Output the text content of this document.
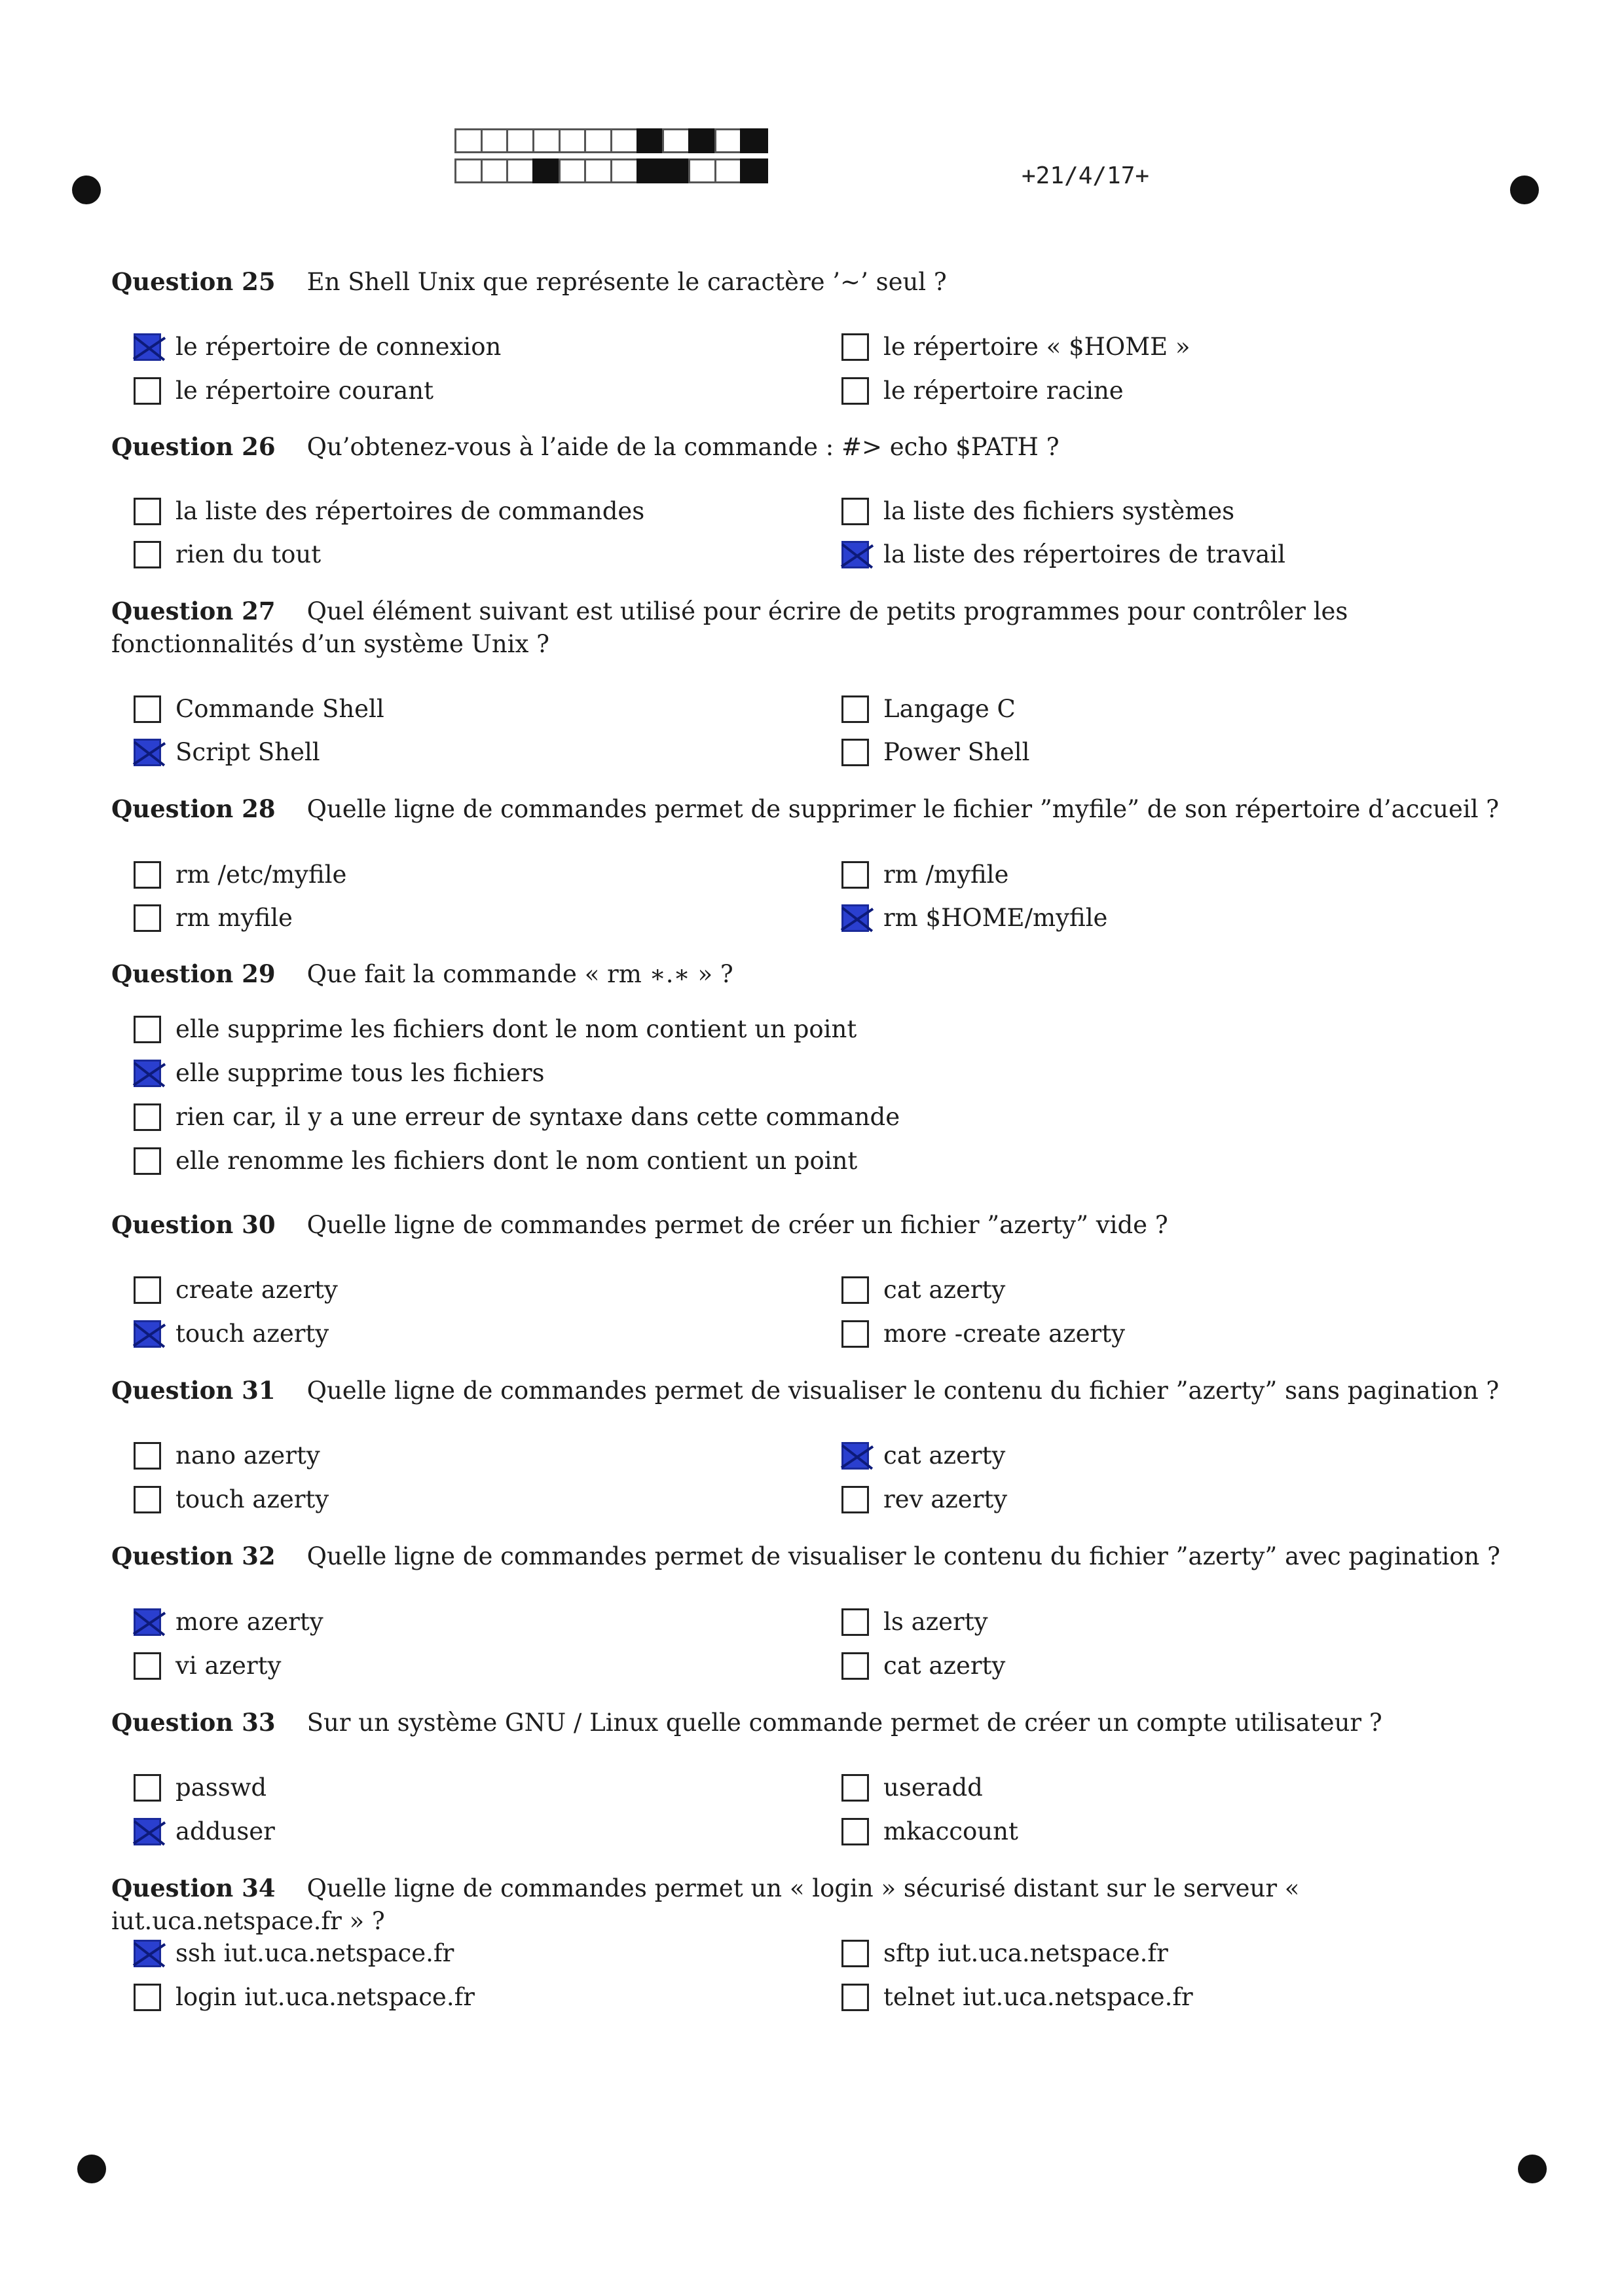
+21/4/17+
Question 25 En Shell Unix que représente le caractère ’∼’ seul ?
le répertoire de connexion	le répertoire « $HOME »
le répertoire courant	le répertoire racine
Question 26 Qu’obtenez-vous à l’aide de la commande : #> echo $PATH ?
la liste des répertoires de commandes	la liste des fichiers systèmes
rien du tout	la liste des répertoires de travail
Question 27 Quel élément suivant est utilisé pour écrire de petits programmes pour contrôler les fonctionnalités d’un système Unix ?
Commande Shell	Langage C
Script Shell	Power Shell
Question 28 Quelle ligne de commandes permet de supprimer le fichier ”myfile” de son répertoire d’accueil ?
rm /etc/myfile	rm /myfile
rm myfile	rm $HOME/myfile
Question 29 Que fait la commande « rm ∗.∗ » ?
elle supprime les fichiers dont le nom contient un point
elle supprime tous les fichiers
rien car, il y a une erreur de syntaxe dans cette commande
elle renomme les fichiers dont le nom contient un point
Question 30 Quelle ligne de commandes permet de créer un fichier ”azerty” vide ?
create azerty	cat azerty
touch azerty	more -create azerty
Question 31 Quelle ligne de commandes permet de visualiser le contenu du fichier ”azerty” sans pagination ?
nano azerty	cat azerty
touch azerty	rev azerty
Question 32 Quelle ligne de commandes permet de visualiser le contenu du fichier ”azerty” avec pagination ?
more azerty	ls azerty
vi azerty	cat azerty
Question 33 Sur un système GNU / Linux quelle commande permet de créer un compte utilisateur ?
passwd	useradd
adduser	mkaccount
Question 34 Quelle ligne de commandes permet un « login » sécurisé distant sur le serveur « iut.uca.netspace.fr » ?
ssh iut.uca.netspace.fr	sftp iut.uca.netspace.fr
login iut.uca.netspace.fr	telnet iut.uca.netspace.fr
